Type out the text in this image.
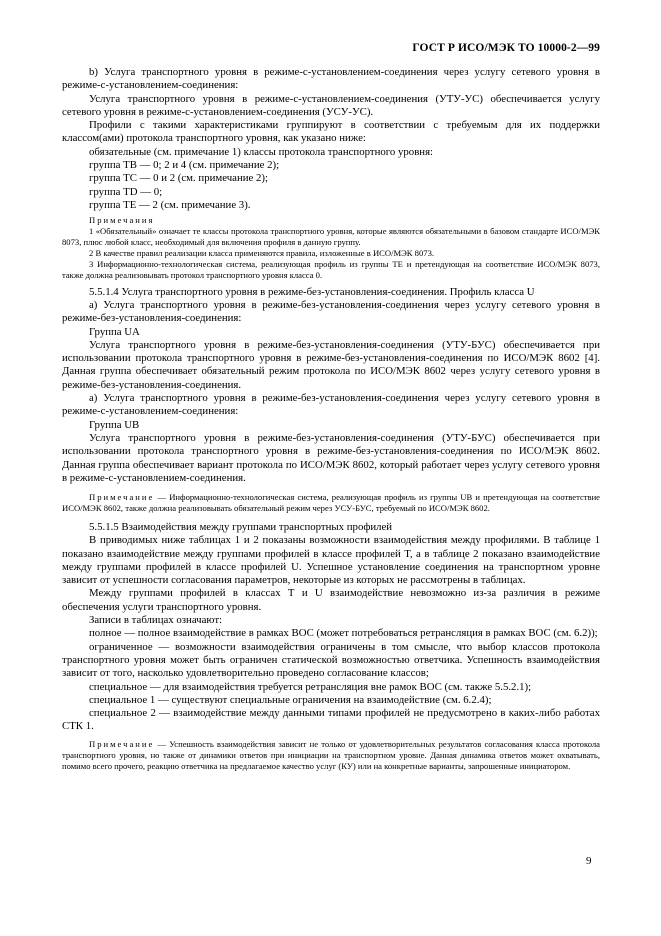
ГОСТ Р ИСО/МЭК ТО 10000-2—99

b) Услуга транспортного уровня в режиме-с-установлением-соединения через услугу сетевого уровня в режиме-с-установлением-соединения:

Услуга транспортного уровня в режиме-с-установлением-соединения (УТУ-УС) обеспечивается услугу сетевого уровня в режиме-с-установлением-соединения (УСУ-УС).

Профили с такими характеристиками группируют в соответствии с требуемым для их поддержки классом(ами) протокола транспортного уровня, как указано ниже:

обязательные (см. примечание 1) классы протокола транспортного уровня:

группа ТВ — 0; 2 и 4 (см. примечание 2);

группа ТС — 0 и 2 (см. примечание 2);

группа TD — 0;

группа ТЕ — 2 (см. примечание 3).

Примечания

1 «Обязательный» означает те классы протокола транспортного уровня, которые являются обязательными в базовом стандарте ИСО/МЭК 8073, плюс любой класс, необходимый для включения профиля в данную группу.

2 В качестве правил реализации класса применяются правила, изложенные в ИСО/МЭК 8073.

3 Информационно-технологическая система, реализующая профиль из группы ТЕ и претендующая на соответствие ИСО/МЭК 8073, также должна реализовывать протокол транспортного уровня класса 0.

5.5.1.4 Услуга транспортного уровня в режиме-без-установления-соединения. Профиль класса U

а) Услуга транспортного уровня в режиме-без-установления-соединения через услугу сетевого уровня в режиме-без-установления-соединения:

Группа UA

Услуга транспортного уровня в режиме-без-установления-соединения (УТУ-БУС) обеспечивается при использовании протокола транспортного уровня в режиме-без-установления-соединения по ИСО/МЭК 8602 [4]. Данная группа обеспечивает обязательный режим протокола по ИСО/МЭК 8602 через услугу сетевого уровня в режиме-без-установления-соединения.

а) Услуга транспортного уровня в режиме-без-установления-соединения через услугу сетевого уровня в режиме-с-установлением-соединения:

Группа UB

Услуга транспортного уровня в режиме-без-установления-соединения (УТУ-БУС) обеспечивается при использовании протокола транспортного уровня в режиме-без-установления-соединения по ИСО/МЭК 8602. Данная группа обеспечивает вариант протокола по ИСО/МЭК 8602, который работает через услугу сетевого уровня в режиме-с-установлением-соединения.

Примечание — Информационно-технологическая система, реализующая профиль из группы UB и претендующая на соответствие ИСО/МЭК 8602, также должна реализовывать обязательный режим через УСУ-БУС, требуемый по ИСО/МЭК 8602.

5.5.1.5 Взаимодействия между группами транспортных профилей

В приводимых ниже таблицах 1 и 2 показаны возможности взаимодействия между профилями. В таблице 1 показано взаимодействие между группами профилей в классе профилей Т, а в таблице 2 показано взаимодействие между группами профилей в классе профилей U. Успешное установление соединения на транспортном уровне зависит от успешности согласования параметров, некоторые из которых не рассмотрены в таблицах.

Между группами профилей в классах Т и U взаимодействие невозможно из-за различия в режиме обеспечения услуги транспортного уровня.

Записи в таблицах означают:

полное — полное взаимодействие в рамках ВОС (может потребоваться ретрансляция в рамках ВОС (см. 6.2));

ограниченное — возможности взаимодействия ограничены в том смысле, что выбор классов протокола транспортного уровня может быть ограничен статической возможностью ответчика. Успешность взаимодействия зависит от того, насколько удовлетворительно проведено согласование классов;

специальное — для взаимодействия требуется ретрансляция вне рамок ВОС (см. также 5.5.2.1);

специальное 1 — существуют специальные ограничения на взаимодействие (см. 6.2.4);

специальное 2 — взаимодействие между данными типами профилей не предусмотрено в каких-либо работах СТК 1.

Примечание — Успешность взаимодействия зависит не только от удовлетворительных результатов согласования класса протокола транспортного уровня, но также от динамики ответов при инициации на транспортном уровне. Данная динамика ответов может охватывать, помимо всего прочего, реакцию ответчика на предлагаемое качество услуг (КУ) или на конкретные варианты, запрошенные инициатором.

9
